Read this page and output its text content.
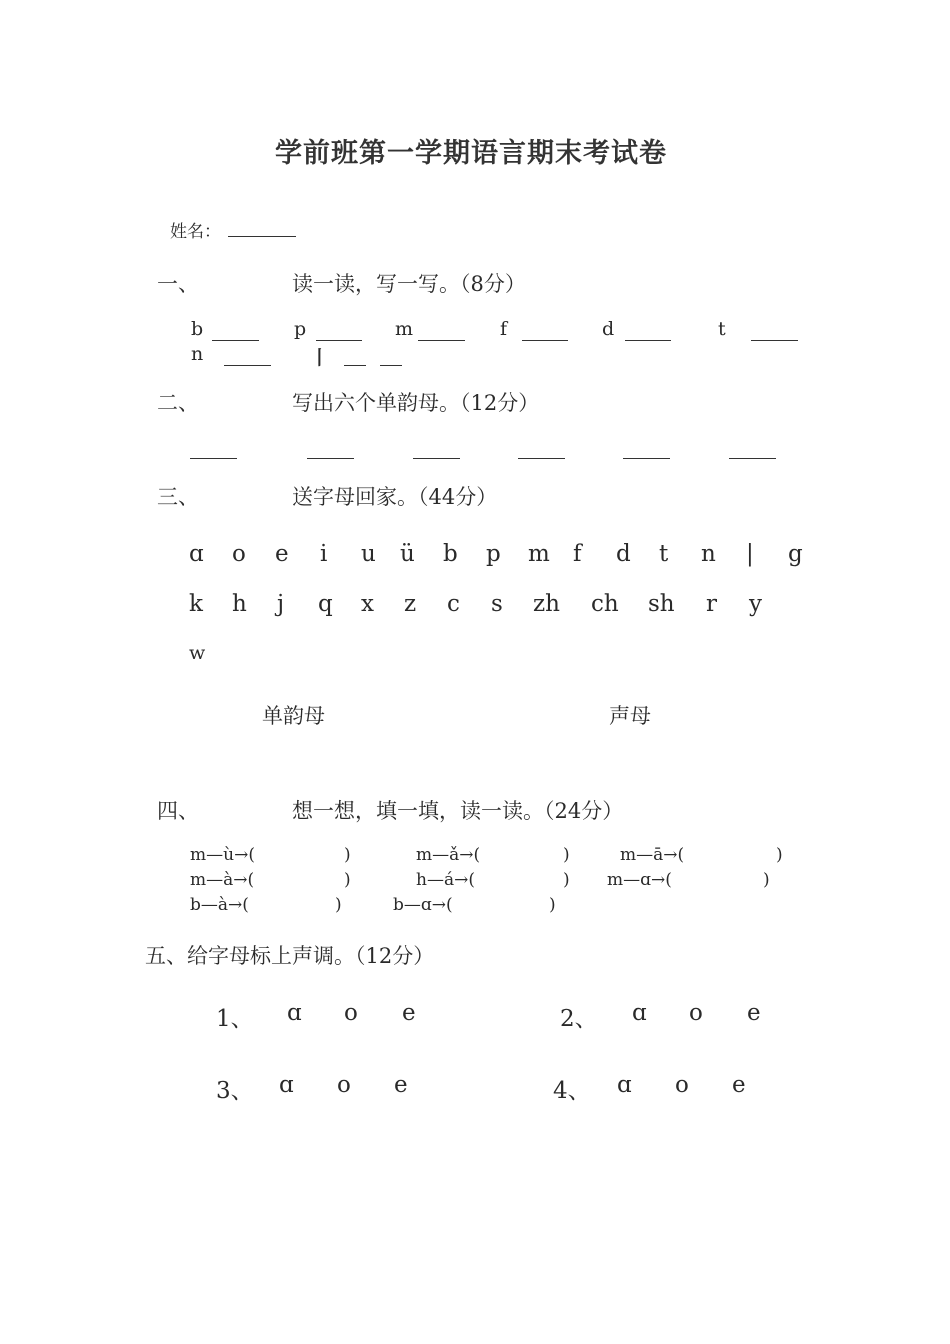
学前班第一学期语言期末考试卷
姓名：
一、	读一读，写一写。（8分）
b	p	m	f	d	t
n	丨
二、	写出六个单韵母。（12分）
三、	送字母回家。（44分）
ɑ o e i u ü b p m f d t n | g
k h j q x z c s zh ch sh r y
w
单韵母	声母
四、	想一想，填一填，读一读。（24分）
m—ù→(	)	m—ǎ→(	)	m—ā→(	)
m—à→(	)	h—á→(	) m—ɑ→(	)
b—à→(	)	b—ɑ→(	)
五、给字母标上声调。（12分）
1、 ɑ o e	2、 ɑ o e
3、 ɑ o e	4、 ɑ o e
